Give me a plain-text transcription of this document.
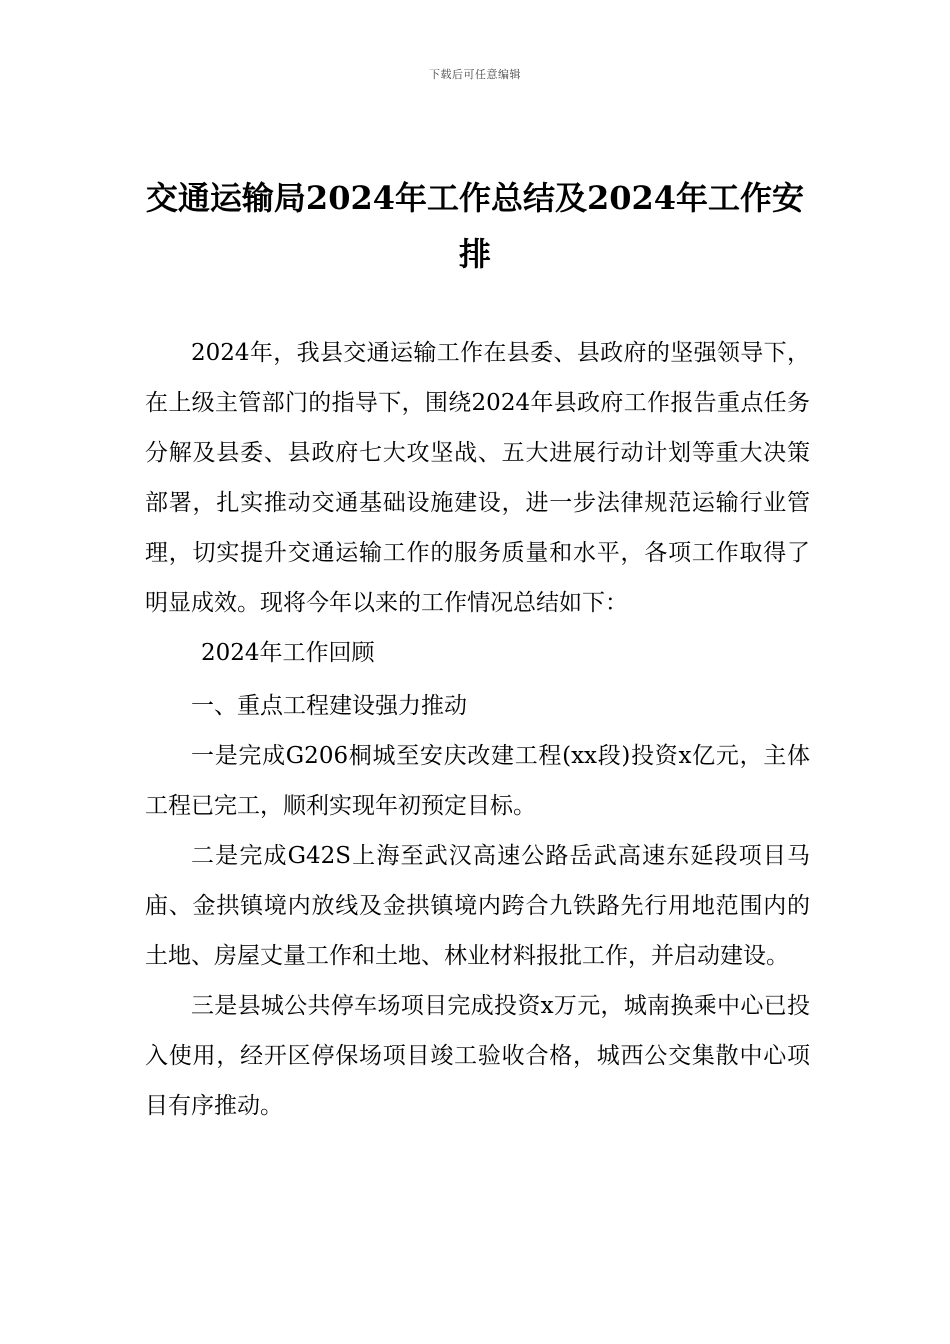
下载后可任意编辑
交通运输局2024年工作总结及2024年工作安排

2024年，我县交通运输工作在县委、县政府的坚强领导下，在上级主管部门的指导下，围绕2024年县政府工作报告重点任务分解及县委、县政府七大攻坚战、五大进展行动计划等重大决策部署，扎实推动交通基础设施建设，进一步法律规范运输行业管理，切实提升交通运输工作的服务质量和水平，各项工作取得了明显成效。现将今年以来的工作情况总结如下：

2024年工作回顾

一、重点工程建设强力推动

一是完成G206桐城至安庆改建工程(xx段)投资x亿元，主体工程已完工，顺利实现年初预定目标。

二是完成G42S上海至武汉高速公路岳武高速东延段项目马庙、金拱镇境内放线及金拱镇境内跨合九铁路先行用地范围内的土地、房屋丈量工作和土地、林业材料报批工作，并启动建设。

三是县城公共停车场项目完成投资x万元，城南换乘中心已投入使用，经开区停保场项目竣工验收合格，城西公交集散中心项目有序推动。
